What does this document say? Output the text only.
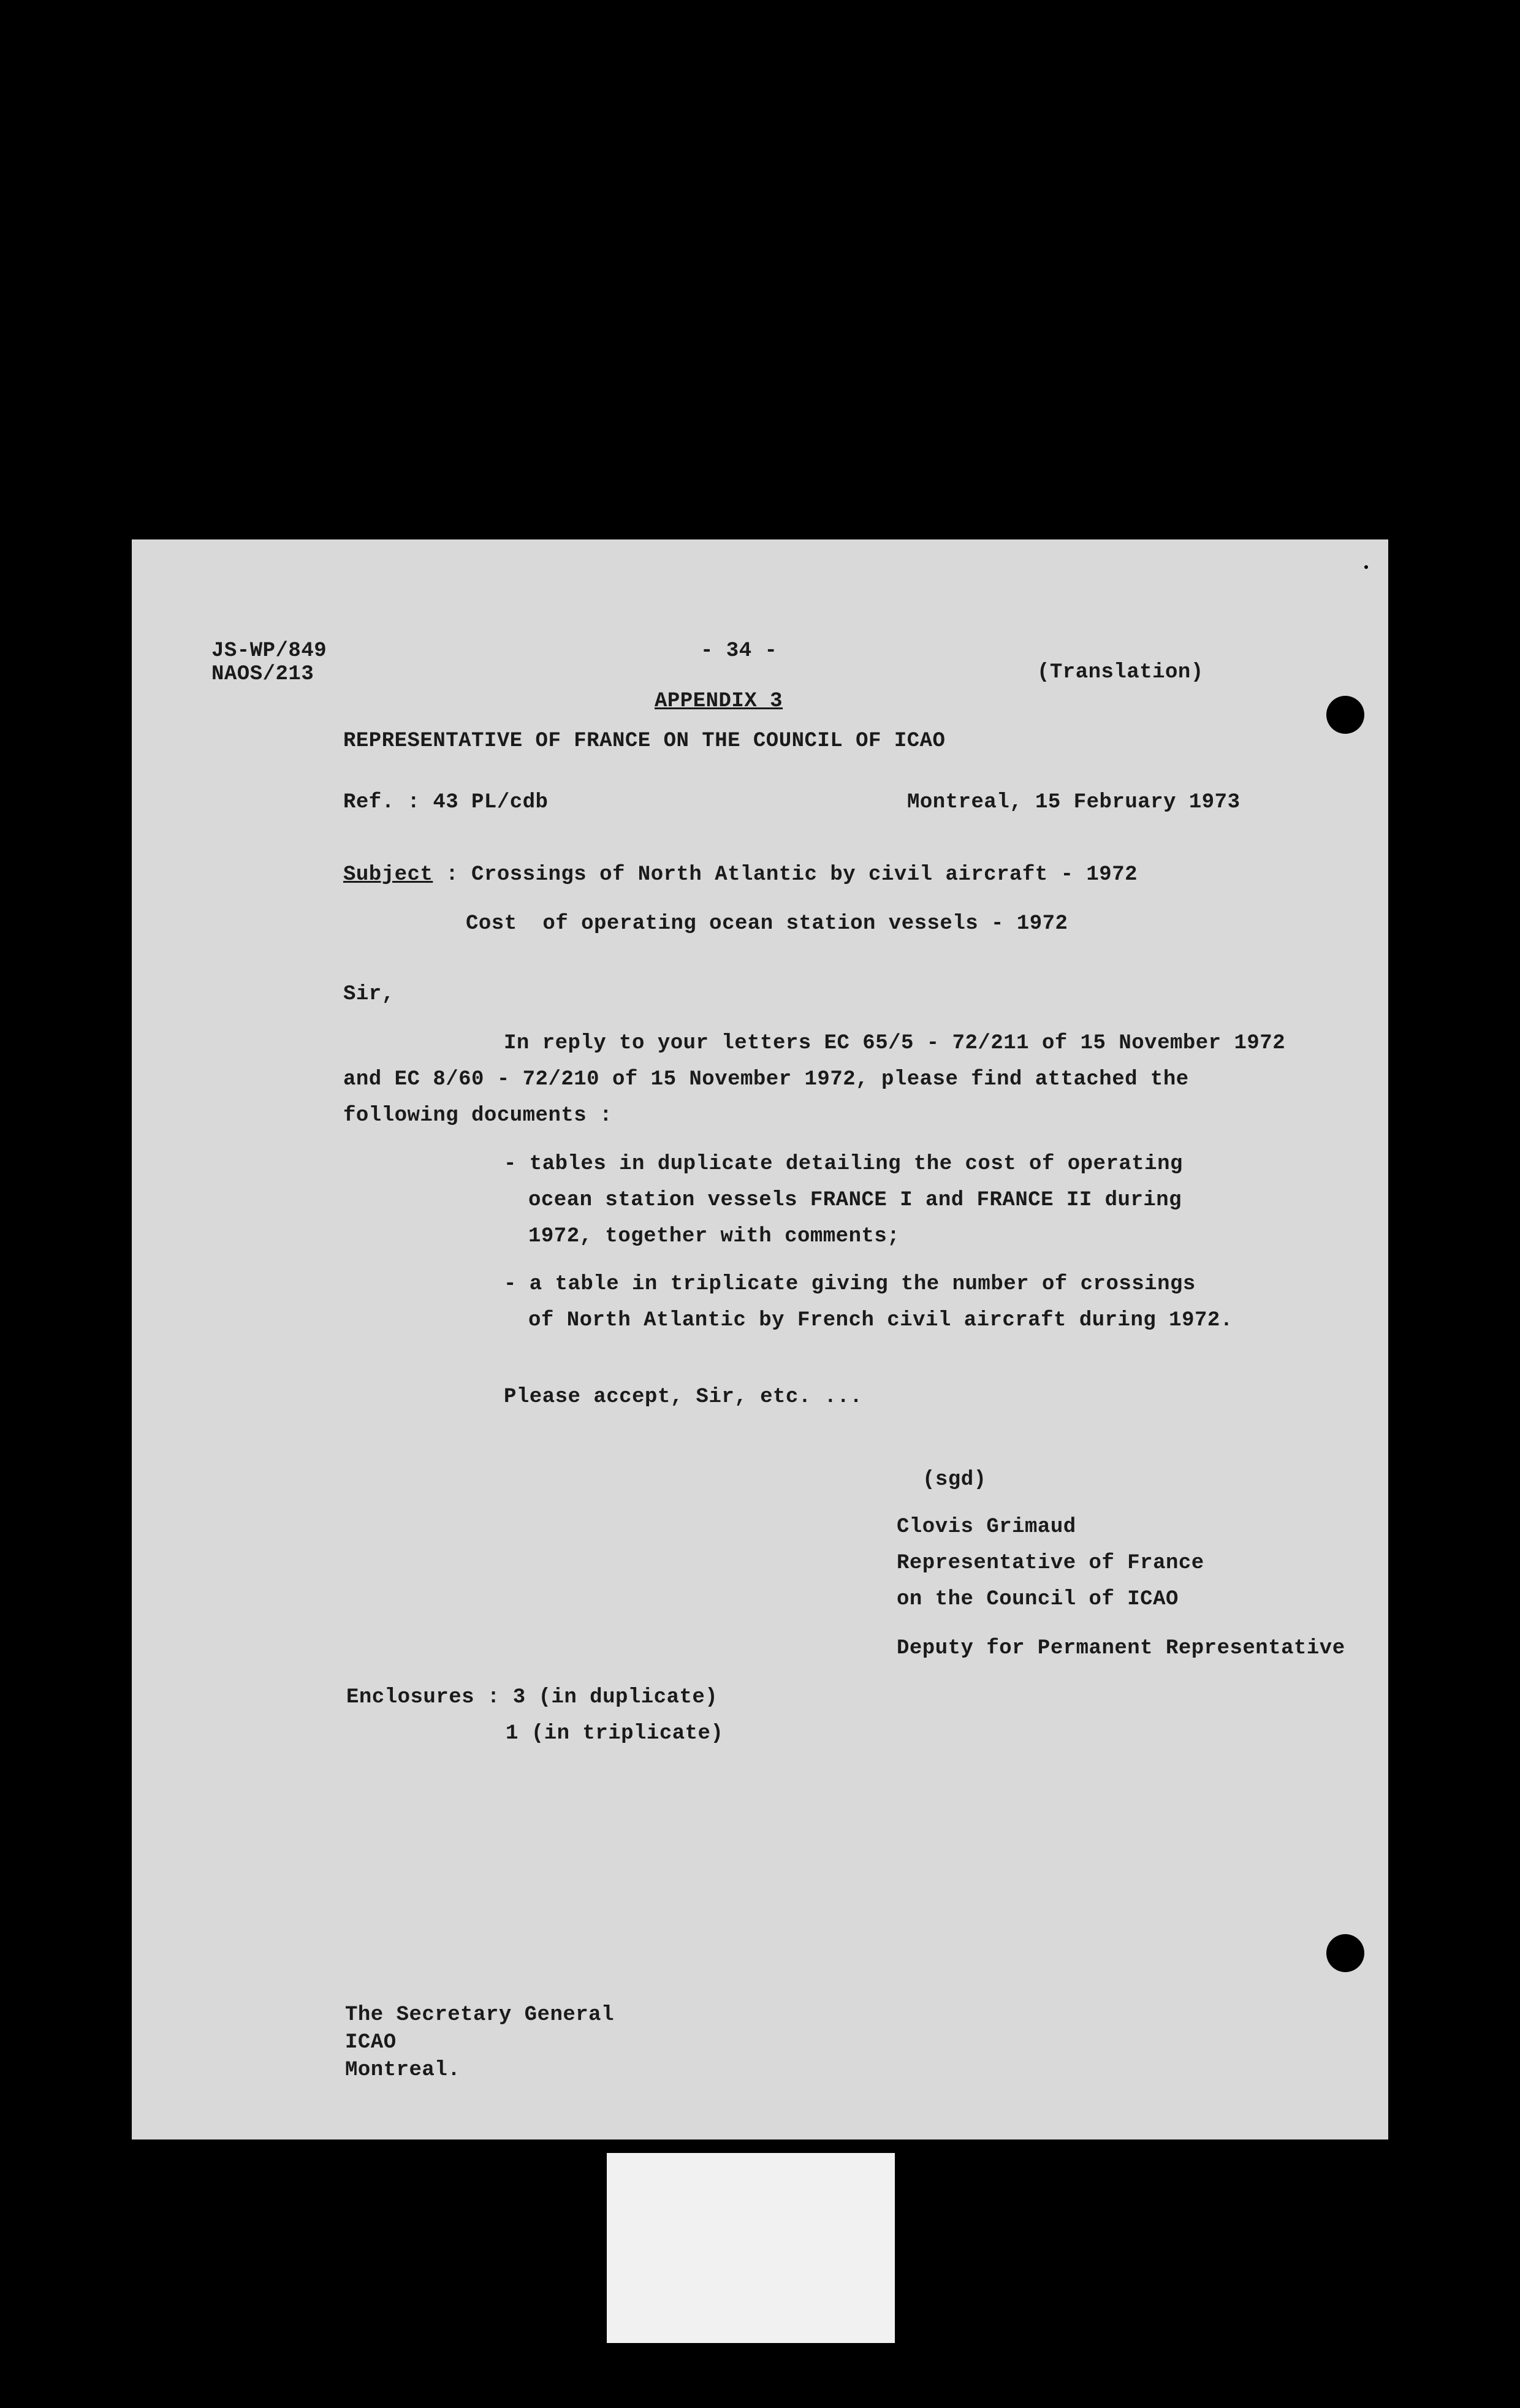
JS-WP/849
NAOS/213
- 34 -
(Translation)
APPENDIX 3
REPRESENTATIVE OF FRANCE ON THE COUNCIL OF ICAO
Ref. : 43 PL/cdb	Montreal, 15 February 1973
Subject : Crossings of North Atlantic by civil aircraft - 1972
Cost  of operating ocean station vessels - 1972
Sir,
In reply to your letters EC 65/5 - 72/211 of 15 November 1972
and EC 8/60 - 72/210 of 15 November 1972, please find attached the
following documents :
- tables in duplicate detailing the cost of operating
ocean station vessels FRANCE I and FRANCE II during
1972, together with comments;
- a table in triplicate giving the number of crossings
of North Atlantic by French civil aircraft during 1972.
Please accept, Sir, etc. ...
(sgd)
Clovis Grimaud
Representative of France
on the Council of ICAO
Deputy for Permanent Representative
Enclosures : 3 (in duplicate)
1 (in triplicate)
The Secretary General
ICAO
Montreal.
